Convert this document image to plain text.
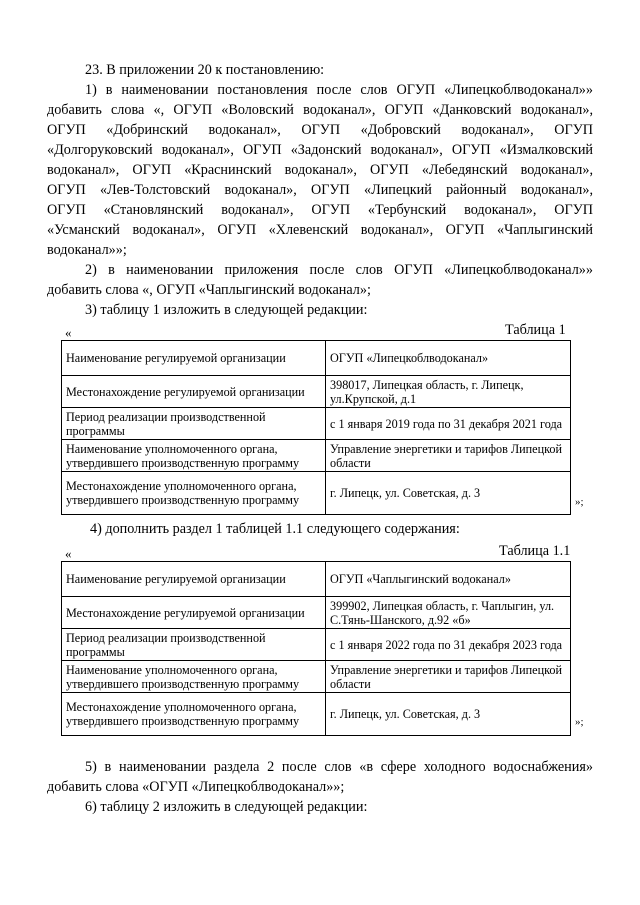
23. В приложении 20 к постановлению:
1) в наименовании постановления после слов ОГУП «Липецкоблводоканал»»
добавить слова «, ОГУП «Воловский водоканал», ОГУП «Данковский водоканал»,
ОГУП «Добринский водоканал», ОГУП «Добровский водоканал», ОГУП
«Долгоруковский водоканал», ОГУП «Задонский водоканал», ОГУП «Измалковский
водоканал», ОГУП «Краснинский водоканал», ОГУП «Лебедянский водоканал»,
ОГУП «Лев-Толстовский водоканал», ОГУП «Липецкий районный водоканал»,
ОГУП «Становлянский водоканал», ОГУП «Тербунский водоканал», ОГУП
«Усманский водоканал», ОГУП «Хлевенский водоканал», ОГУП «Чаплыгинский
водоканал»»;
2) в наименовании приложения после слов ОГУП «Липецкоблводоканал»»
добавить слова «, ОГУП «Чаплыгинский водоканал»;
3) таблицу 1 изложить в следующей редакции:
«	Таблица 1
Наименование регулируемой организации	ОГУП «Липецкоблводоканал»
Местонахождение регулируемой организации	398017, Липецкая область, г. Липецк, ул.Крупской, д.1
Период реализации производственной программы	с 1 января 2019 года по 31 декабря 2021 года
Наименование уполномоченного органа, утвердившего производственную программу	Управление энергетики и тарифов Липецкой области
Местонахождение уполномоченного органа, утвердившего производственную программу	г. Липецк, ул. Советская, д. 3
»;
4) дополнить раздел 1 таблицей 1.1 следующего содержания:
«	Таблица 1.1
Наименование регулируемой организации	ОГУП «Чаплыгинский водоканал»
Местонахождение регулируемой организации	399902, Липецкая область, г. Чаплыгин, ул. С.Тянь-Шанского, д.92 «б»
Период реализации производственной программы	с 1 января 2022 года по 31 декабря 2023 года
Наименование уполномоченного органа, утвердившего производственную программу	Управление энергетики и тарифов Липецкой области
Местонахождение уполномоченного органа, утвердившего производственную программу	г. Липецк, ул. Советская, д. 3
»;
5) в наименовании раздела 2 после слов «в сфере холодного водоснабжения»
добавить слова «ОГУП «Липецкоблводоканал»»;
6) таблицу 2 изложить в следующей редакции:
